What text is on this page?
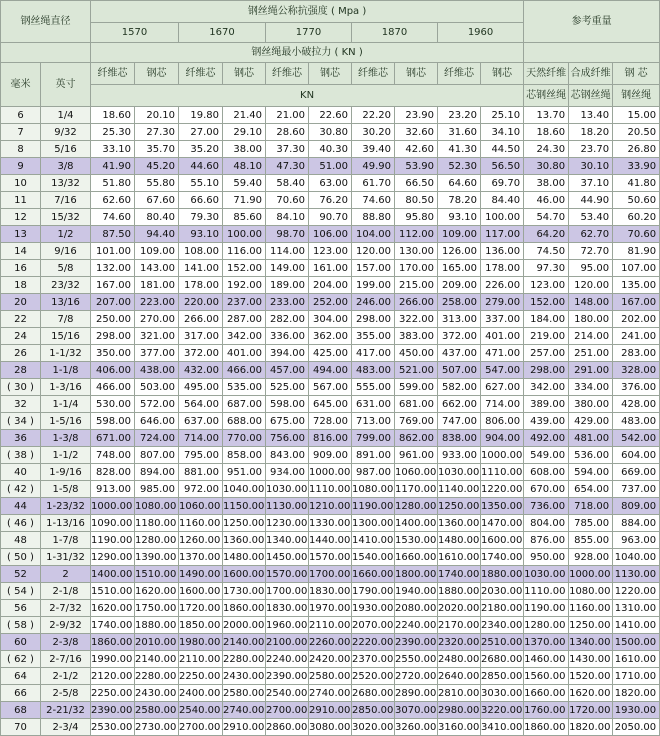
钢丝绳直径		钢丝绳公称抗强度 ( Mpa )										参考重量		
		1570		1670		1770		1870		1960				
		钢丝绳最小破拉力 ( KN )												
毫米	英寸	纤维芯	钢芯	纤维芯	钢芯	纤维芯	钢芯	纤维芯	钢芯	纤维芯	钢芯	天然纤维	合成纤维	钢 芯
		KN										芯钢丝绳	芯钢丝绳	钢丝绳
6	1/4	18.60	20.10	19.80	21.40	21.00	22.60	22.20	23.90	23.20	25.10	13.70	13.40	15.00
7	9/32	25.30	27.30	27.00	29.10	28.60	30.80	30.20	32.60	31.60	34.10	18.60	18.20	20.50
8	5/16	33.10	35.70	35.20	38.00	37.30	40.30	39.40	42.60	41.30	44.50	24.30	23.70	26.80
9	3/8	41.90	45.20	44.60	48.10	47.30	51.00	49.90	53.90	52.30	56.50	30.80	30.10	33.90
10	13/32	51.80	55.80	55.10	59.40	58.40	63.00	61.70	66.50	64.60	69.70	38.00	37.10	41.80
11	7/16	62.60	67.60	66.60	71.90	70.60	76.20	74.60	80.50	78.20	84.40	46.00	44.90	50.60
12	15/32	74.60	80.40	79.30	85.60	84.10	90.70	88.80	95.80	93.10	100.00	54.70	53.40	60.20
13	1/2	87.50	94.40	93.10	100.00	98.70	106.00	104.00	112.00	109.00	117.00	64.20	62.70	70.60
14	9/16	101.00	109.00	108.00	116.00	114.00	123.00	120.00	130.00	126.00	136.00	74.50	72.70	81.90
16	5/8	132.00	143.00	141.00	152.00	149.00	161.00	157.00	170.00	165.00	178.00	97.30	95.00	107.00
18	23/32	167.00	181.00	178.00	192.00	189.00	204.00	199.00	215.00	209.00	226.00	123.00	120.00	135.00
20	13/16	207.00	223.00	220.00	237.00	233.00	252.00	246.00	266.00	258.00	279.00	152.00	148.00	167.00
22	7/8	250.00	270.00	266.00	287.00	282.00	304.00	298.00	322.00	313.00	337.00	184.00	180.00	202.00
24	15/16	298.00	321.00	317.00	342.00	336.00	362.00	355.00	383.00	372.00	401.00	219.00	214.00	241.00
26	1-1/32	350.00	377.00	372.00	401.00	394.00	425.00	417.00	450.00	437.00	471.00	257.00	251.00	283.00
28	1-1/8	406.00	438.00	432.00	466.00	457.00	494.00	483.00	521.00	507.00	547.00	298.00	291.00	328.00
( 30 )	1-3/16	466.00	503.00	495.00	535.00	525.00	567.00	555.00	599.00	582.00	627.00	342.00	334.00	376.00
32	1-1/4	530.00	572.00	564.00	687.00	598.00	645.00	631.00	681.00	662.00	714.00	389.00	380.00	428.00
( 34 )	1-5/16	598.00	646.00	637.00	688.00	675.00	728.00	713.00	769.00	747.00	806.00	439.00	429.00	483.00
36	1-3/8	671.00	724.00	714.00	770.00	756.00	816.00	799.00	862.00	838.00	904.00	492.00	481.00	542.00
( 38 )	1-1/2	748.00	807.00	795.00	858.00	843.00	909.00	891.00	961.00	933.00	1000.00	549.00	536.00	604.00
40	1-9/16	828.00	894.00	881.00	951.00	934.00	1000.00	987.00	1060.00	1030.00	1110.00	608.00	594.00	669.00
( 42 )	1-5/8	913.00	985.00	972.00	1040.00	1030.00	1110.00	1080.00	1170.00	1140.00	1220.00	670.00	654.00	737.00
44	1-23/32	1000.00	1080.00	1060.00	1150.00	1130.00	1210.00	1190.00	1280.00	1250.00	1350.00	736.00	718.00	809.00
( 46 )	1-13/16	1090.00	1180.00	1160.00	1250.00	1230.00	1330.00	1300.00	1400.00	1360.00	1470.00	804.00	785.00	884.00
48	1-7/8	1190.00	1280.00	1260.00	1360.00	1340.00	1440.00	1410.00	1530.00	1480.00	1600.00	876.00	855.00	963.00
( 50 )	1-31/32	1290.00	1390.00	1370.00	1480.00	1450.00	1570.00	1540.00	1660.00	1610.00	1740.00	950.00	928.00	1040.00
52	2	1400.00	1510.00	1490.00	1600.00	1570.00	1700.00	1660.00	1800.00	1740.00	1880.00	1030.00	1000.00	1130.00
( 54 )	2-1/8	1510.00	1620.00	1600.00	1730.00	1700.00	1830.00	1790.00	1940.00	1880.00	2030.00	1110.00	1080.00	1220.00
56	2-7/32	1620.00	1750.00	1720.00	1860.00	1830.00	1970.00	1930.00	2080.00	2020.00	2180.00	1190.00	1160.00	1310.00
( 58 )	2-9/32	1740.00	1880.00	1850.00	2000.00	1960.00	2110.00	2070.00	2240.00	2170.00	2340.00	1280.00	1250.00	1410.00
60	2-3/8	1860.00	2010.00	1980.00	2140.00	2100.00	2260.00	2220.00	2390.00	2320.00	2510.00	1370.00	1340.00	1500.00
( 62 )	2-7/16	1990.00	2140.00	2110.00	2280.00	2240.00	2420.00	2370.00	2550.00	2480.00	2680.00	1460.00	1430.00	1610.00
64	2-1/2	2120.00	2280.00	2250.00	2430.00	2390.00	2580.00	2520.00	2720.00	2640.00	2850.00	1560.00	1520.00	1710.00
66	2-5/8	2250.00	2430.00	2400.00	2580.00	2540.00	2740.00	2680.00	2890.00	2810.00	3030.00	1660.00	1620.00	1820.00
68	2-21/32	2390.00	2580.00	2540.00	2740.00	2700.00	2910.00	2850.00	3070.00	2980.00	3220.00	1760.00	1720.00	1930.00
70	2-3/4	2530.00	2730.00	2700.00	2910.00	2860.00	3080.00	3020.00	3260.00	3160.00	3410.00	1860.00	1820.00	2050.00
